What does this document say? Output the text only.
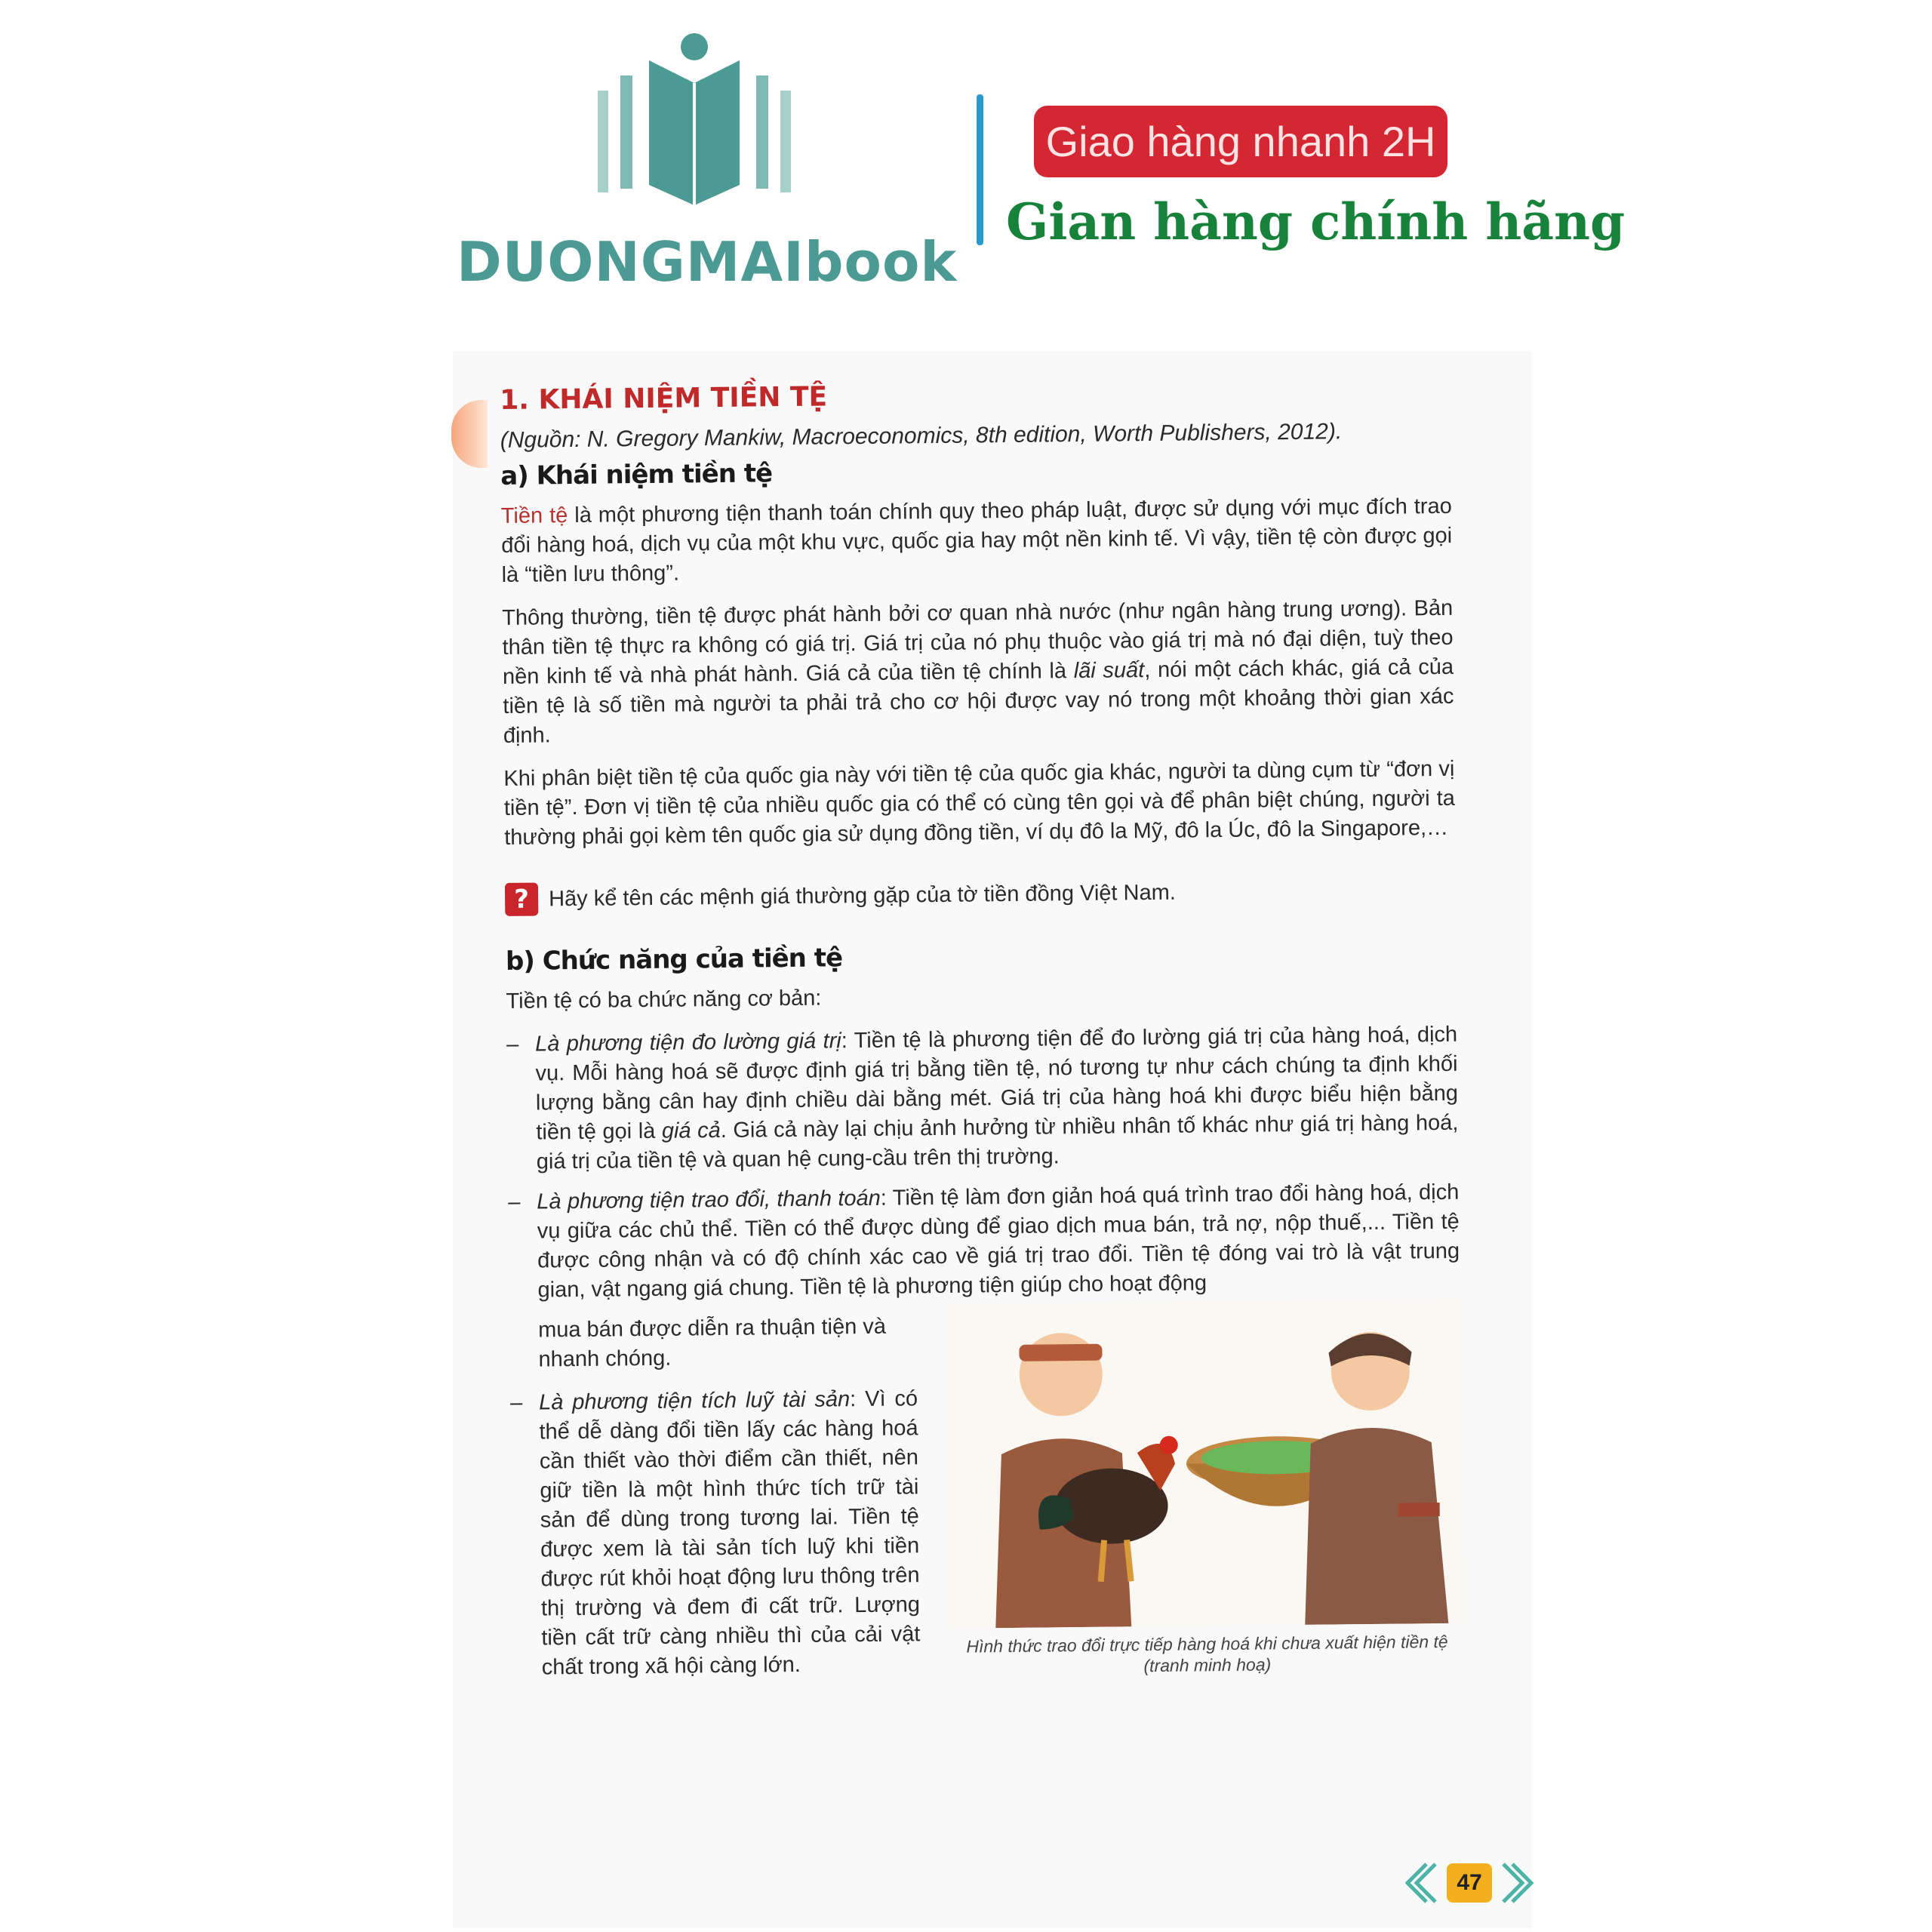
DUONGMAIbook
Giao hàng nhanh 2H
Gian hàng chính hãng
1. KHÁI NIỆM TIỀN TỆ
(Nguồn: N. Gregory Mankiw, Macroeconomics, 8th edition, Worth Publishers, 2012).
a) Khái niệm tiền tệ

Tiền tệ là một phương tiện thanh toán chính quy theo pháp luật, được sử dụng với mục đích trao đổi hàng hoá, dịch vụ của một khu vực, quốc gia hay một nền kinh tế. Vì vậy, tiền tệ còn được gọi là “tiền lưu thông”.

Thông thường, tiền tệ được phát hành bởi cơ quan nhà nước (như ngân hàng trung ương). Bản thân tiền tệ thực ra không có giá trị. Giá trị của nó phụ thuộc vào giá trị mà nó đại diện, tuỳ theo nền kinh tế và nhà phát hành. Giá cả của tiền tệ chính là lãi suất, nói một cách khác, giá cả của tiền tệ là số tiền mà người ta phải trả cho cơ hội được vay nó trong một khoảng thời gian xác định.

Khi phân biệt tiền tệ của quốc gia này với tiền tệ của quốc gia khác, người ta dùng cụm từ “đơn vị tiền tệ”. Đơn vị tiền tệ của nhiều quốc gia có thể có cùng tên gọi và để phân biệt chúng, người ta thường phải gọi kèm tên quốc gia sử dụng đồng tiền, ví dụ đô la Mỹ, đô la Úc, đô la Singapore,…

? Hãy kể tên các mệnh giá thường gặp của tờ tiền đồng Việt Nam.
b) Chức năng của tiền tệ

Tiền tệ có ba chức năng cơ bản:

– Là phương tiện đo lường giá trị: Tiền tệ là phương tiện để đo lường giá trị của hàng hoá, dịch vụ. Mỗi hàng hoá sẽ được định giá trị bằng tiền tệ, nó tương tự như cách chúng ta định khối lượng bằng cân hay định chiều dài bằng mét. Giá trị của hàng hoá khi được biểu hiện bằng tiền tệ gọi là giá cả. Giá cả này lại chịu ảnh hưởng từ nhiều nhân tố khác như giá trị hàng hoá, giá trị của tiền tệ và quan hệ cung-cầu trên thị trường.
– Là phương tiện trao đổi, thanh toán: Tiền tệ làm đơn giản hoá quá trình trao đổi hàng hoá, dịch vụ giữa các chủ thể. Tiền có thể được dùng để giao dịch mua bán, trả nợ, nộp thuế,... Tiền tệ được công nhận và có độ chính xác cao về giá trị trao đổi. Tiền tệ đóng vai trò là vật trung gian, vật ngang giá chung. Tiền tệ là phương tiện giúp cho hoạt động
mua bán được diễn ra thuận tiện và nhanh chóng.
– Là phương tiện tích luỹ tài sản: Vì có thể dễ dàng đổi tiền lấy các hàng hoá cần thiết vào thời điểm cần thiết, nên giữ tiền là một hình thức tích trữ tài sản để dùng trong tương lai. Tiền tệ được xem là tài sản tích luỹ khi tiền được rút khỏi hoạt động lưu thông trên thị trường và đem đi cất trữ. Lượng tiền cất trữ càng nhiều thì của cải vật chất trong xã hội càng lớn.
Hình thức trao đổi trực tiếp hàng hoá khi chưa xuất hiện tiền tệ (tranh minh hoạ)
47
